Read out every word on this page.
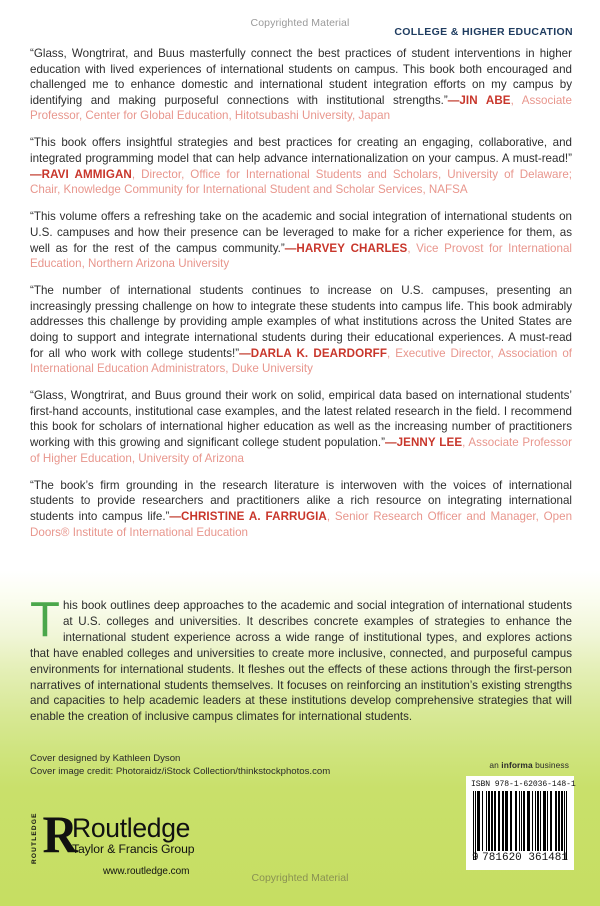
Copyrighted Material
COLLEGE & HIGHER EDUCATION

“Glass, Wongtrirat, and Buus masterfully connect the best practices of student interventions in higher education with lived experiences of international students on campus. This book both encouraged and challenged me to enhance domestic and international student integration efforts on my campus by identifying and making purposeful connections with institutional strengths.”—JIN ABE, Associate Professor, Center for Global Education, Hitotsubashi University, Japan

“This book offers insightful strategies and best practices for creating an engaging, collaborative, and integrated programming model that can help advance internationalization on your campus. A must-read!” —RAVI AMMIGAN, Director, Office for International Students and Scholars, University of Delaware; Chair, Knowledge Community for International Student and Scholar Services, NAFSA

“This volume offers a refreshing take on the academic and social integration of international students on U.S. campuses and how their presence can be leveraged to make for a richer experience for them, as well as for the rest of the campus community.”—HARVEY CHARLES, Vice Provost for International Education, Northern Arizona University

“The number of international students continues to increase on U.S. campuses, presenting an increasingly pressing challenge on how to integrate these students into campus life. This book admirably addresses this challenge by providing ample examples of what institutions across the United States are doing to support and integrate international students during their educational experiences. A must-read for all who work with college students!”—DARLA K. DEARDORFF, Executive Director, Association of International Education Administrators, Duke University

“Glass, Wongtrirat, and Buus ground their work on solid, empirical data based on international students’ first-hand accounts, institutional case examples, and the latest related research in the field. I recommend this book for scholars of international higher education as well as the increasing number of practitioners working with this growing and significant college student population.”—JENNY LEE, Associate Professor of Higher Education, University of Arizona

“The book’s firm grounding in the research literature is interwoven with the voices of international students to provide researchers and practitioners alike a rich resource on integrating international students into campus life.”—CHRISTINE A. FARRUGIA, Senior Research Officer and Manager, Open Doors® Institute of International Education

This book outlines deep approaches to the academic and social integration of international students at U.S. colleges and universities. It describes concrete examples of strategies to enhance the international student experience across a wide range of institutional types, and explores actions that have enabled colleges and universities to create more inclusive, connected, and purposeful campus environments for international students. It fleshes out the effects of these actions through the first-person narratives of international students themselves. It focuses on reinforcing an institution’s existing strengths and capacities to help academic leaders at these institutions develop comprehensive strategies that will enable the creation of inclusive campus climates for international students.
Cover designed by Kathleen Dyson
Cover image credit: Photoraidz/iStock Collection/thinkstockphotos.com
an informa business
ISBN 978-1-62036-148-1
9 781620 361481
ROUTLEDGE R
Routledge
Taylor & Francis Group
www.routledge.com
Copyrighted Material
